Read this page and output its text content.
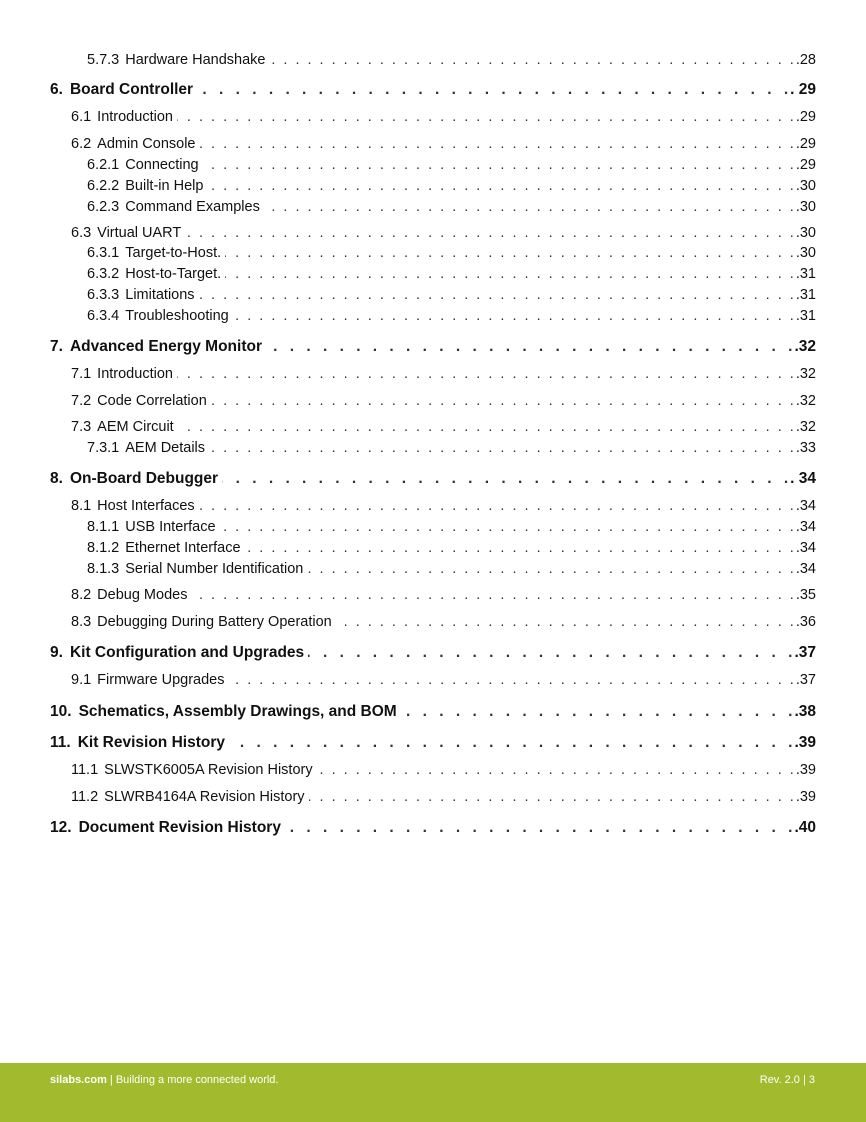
5.7.3 Hardware Handshake . . .	.28
6. Board Controller . . .	. 29
6.1 Introduction . . .	.29
6.2 Admin Console . . .	.29
6.2.1 Connecting . . .	.29
6.2.2 Built-in Help . . .	.30
6.2.3 Command Examples . . .	.30
6.3 Virtual UART . . .	.30
6.3.1 Target-to-Host. . . .	.30
6.3.2 Host-to-Target. . . .	.31
6.3.3 Limitations . . .	.31
6.3.4 Troubleshooting . . .	.31
7. Advanced Energy Monitor . . .	.32
7.1 Introduction . . .	.32
7.2 Code Correlation . . .	.32
7.3 AEM Circuit . . .	.32
7.3.1 AEM Details . . .	.33
8. On-Board Debugger . . .	. 34
8.1 Host Interfaces . . .	.34
8.1.1 USB Interface . . .	.34
8.1.2 Ethernet Interface . . .	.34
8.1.3 Serial Number Identification . . .	.34
8.2 Debug Modes . . .	.35
8.3 Debugging During Battery Operation . . .	.36
9. Kit Configuration and Upgrades . . .	.37
9.1 Firmware Upgrades . . .	.37
10. Schematics, Assembly Drawings, and BOM . . .	.38
11. Kit Revision History . . .	.39
11.1 SLWSTK6005A Revision History . . .	.39
11.2 SLWRB4164A Revision History . . .	.39
12. Document Revision History . . .	.40
silabs.com | Building a more connected world.	Rev. 2.0 | 3
